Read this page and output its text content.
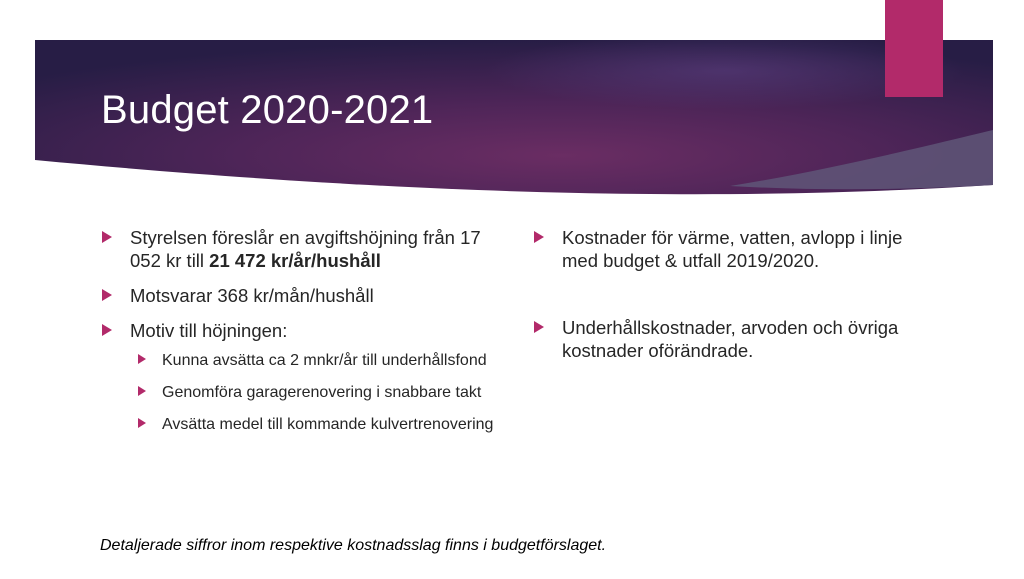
Budget 2020-2021
Styrelsen föreslår en avgiftshöjning från 17 052 kr till 21 472 kr/år/hushåll
Motsvarar 368 kr/mån/hushåll
Motiv till höjningen:
Kunna avsätta ca 2 mnkr/år till underhållsfond
Genomföra garagerenovering i snabbare takt
Avsätta medel till kommande kulvertrenovering
Kostnader för värme, vatten, avlopp i linje med budget & utfall 2019/2020.
Underhållskostnader, arvoden och övriga kostnader oförändrade.
Detaljerade siffror inom respektive kostnadsslag finns i budgetförslaget.
